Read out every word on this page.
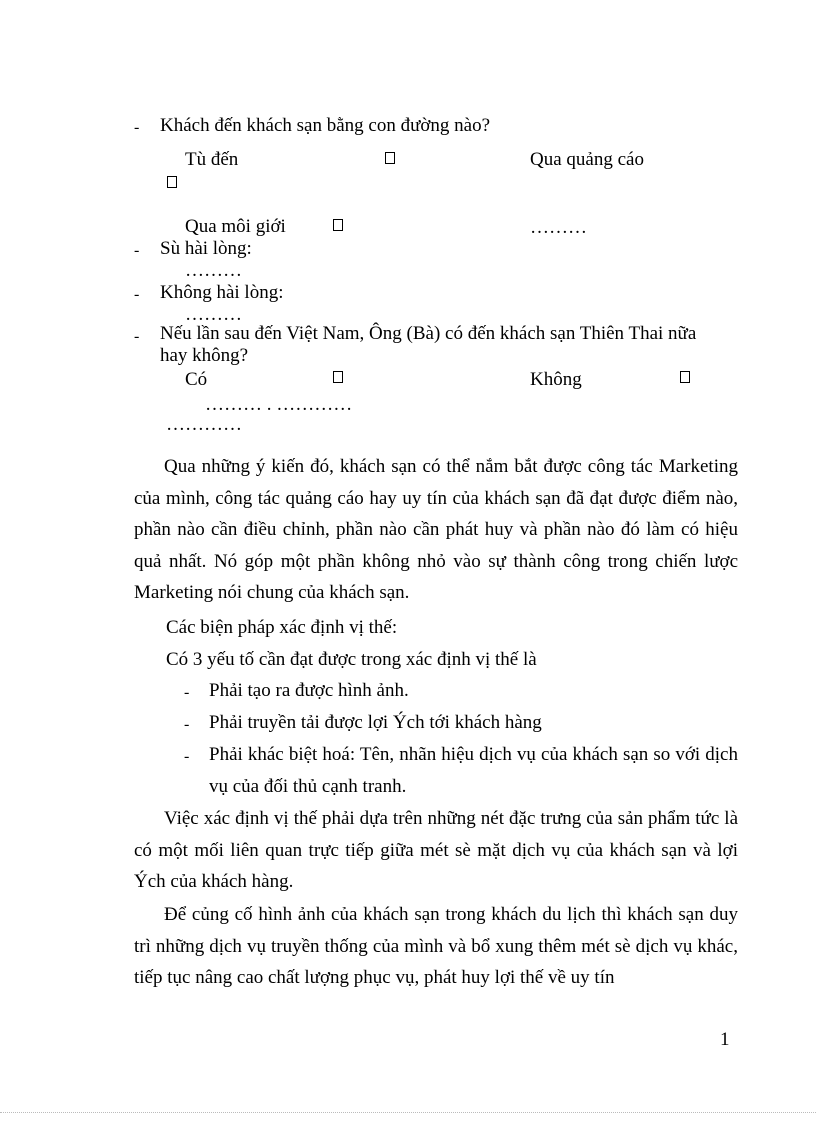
- Khách đến khách sạn bằng con đường nào?
Tù đến	Qua quảng cáo
Qua môi giới	………
- Sù hài lòng:
………
- Không hài lòng:
………
- Nếu lần sau đến Việt Nam, Ông (Bà) có đến khách sạn Thiên Thai nữa
hay không?
Có	Không
……… . …………
…………
Qua những ý kiến đó, khách sạn có thể nắm bắt được công tác Marketing của mình, công tác quảng cáo hay uy tín của khách sạn đã đạt được điểm nào, phần nào cần điều chỉnh, phần nào cần phát huy và phần nào đó làm có hiệu quả nhất. Nó góp một phần không nhỏ vào sự thành công trong chiến lược Marketing nói chung của khách sạn.
Các biện pháp xác định vị thế:
Có 3 yếu tố cần đạt được trong xác định vị thế là
- Phải tạo ra được hình ảnh.
- Phải truyền tải được lợi Ých tới khách hàng
- Phải khác biệt hoá: Tên, nhãn hiệu dịch vụ của khách sạn so với dịch vụ của đối thủ cạnh tranh.
Việc xác định vị thế phải dựa trên những nét đặc trưng của sản phẩm tức là có một mối liên quan trực tiếp giữa mét sè mặt dịch vụ của khách sạn và lợi Ých của khách hàng.
Để củng cố hình ảnh của khách sạn trong khách du lịch thì khách sạn duy trì những dịch vụ truyền thống của mình và bổ xung thêm mét sè dịch vụ khác, tiếp tục nâng cao chất lượng phục vụ, phát huy lợi thế về uy tín
1
